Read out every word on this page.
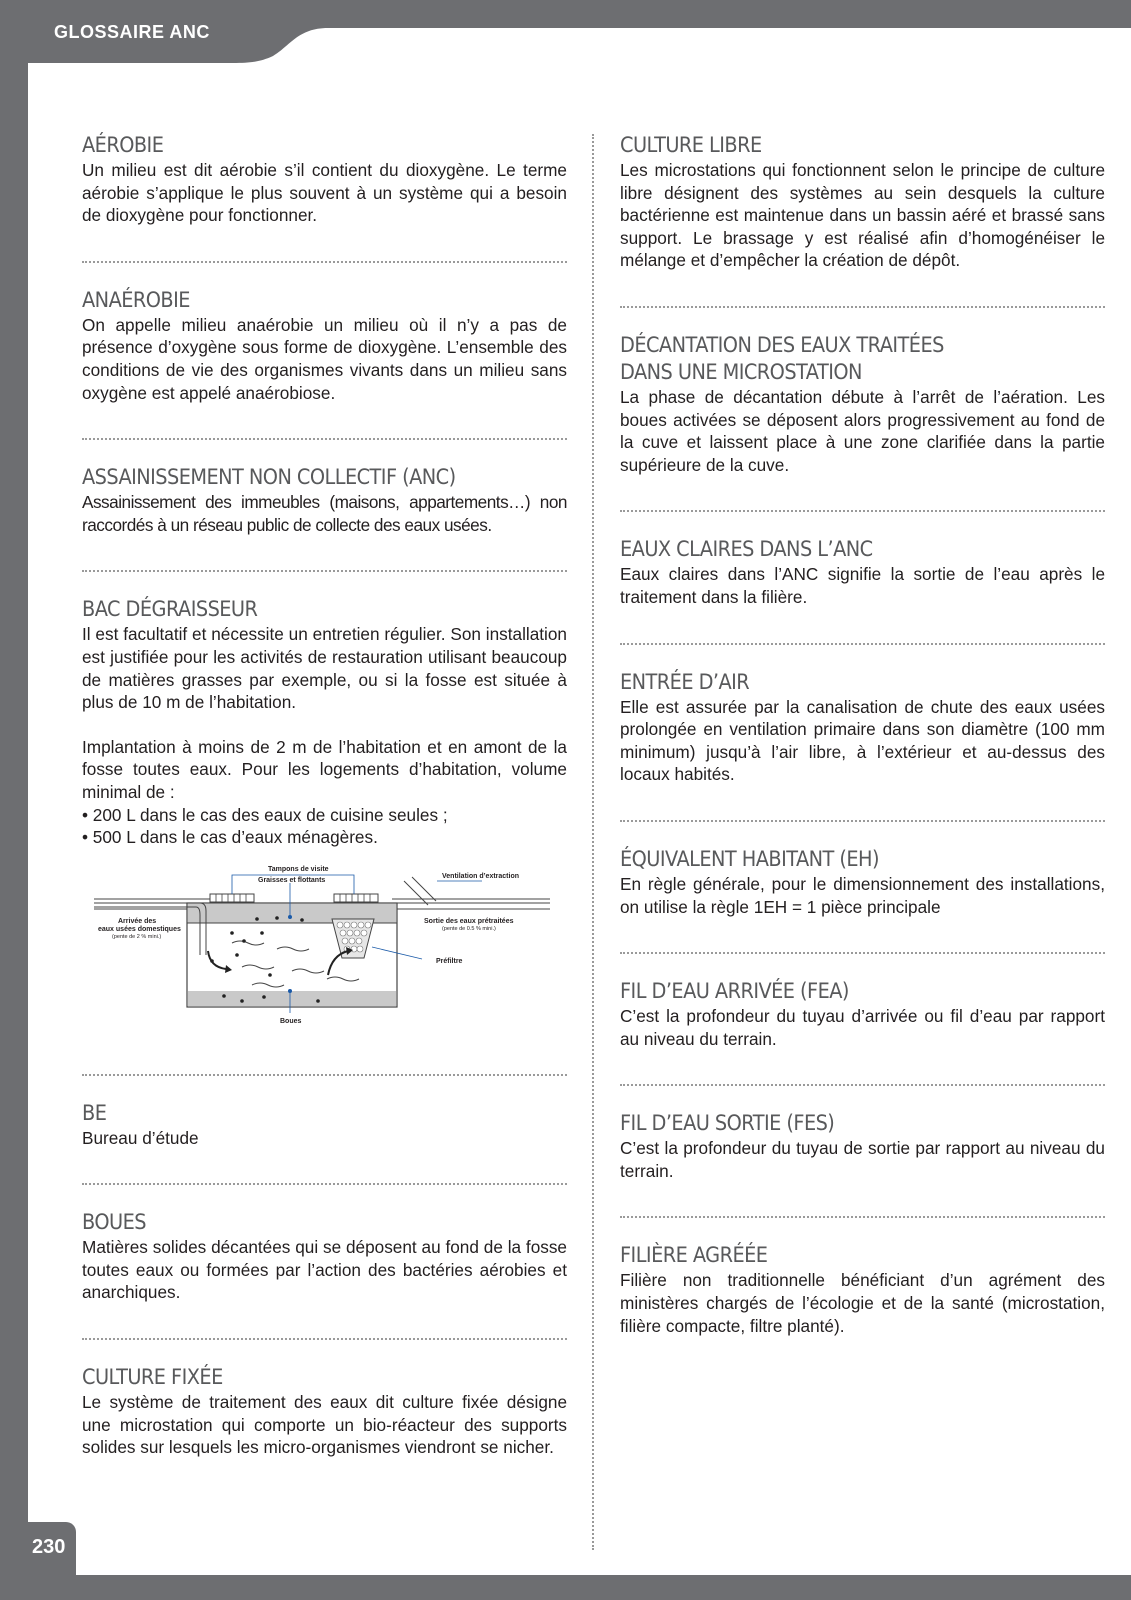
AÉROBIE

Un milieu est dit aérobie s’il contient du dioxygène. Le terme aérobie s’applique le plus souvent à un système qui a besoin de dioxygène pour fonctionner.

ANAÉROBIE

On appelle milieu anaérobie un milieu où il n’y a pas de présence d’oxygène sous forme de dioxygène. L’ensemble des conditions de vie des organismes vivants dans un milieu sans oxygène est appelé anaérobiose.

ASSAINISSEMENT NON COLLECTIF (ANC)

Assainissement des immeubles (maisons, appartements…) non raccordés à un réseau public de collecte des eaux usées.

BAC DÉGRAISSEUR

Il est facultatif et nécessite un entretien régulier. Son installation est justifiée pour les activités de restauration utilisant beaucoup de matières grasses par exemple, ou si la fosse est située à plus de 10 m de l’habitation.

Implantation à moins de 2 m de l’habitation et en amont de la fosse toutes eaux. Pour les logements d’habitation, volume minimal de :

• 200 L dans le cas des eaux de cuisine seules ;

• 500 L dans le cas d’eaux ménagères.

Tampons de visite
Graisses et flottants
Ventilation d’extraction
Arrivée des
eaux usées domestiques
Sortie des eaux prétraitées
Préfiltre
Boues
(pente de 2 % mini.)
(pente de 0.5 % mini.)
BE

Bureau d’étude

BOUES

Matières solides décantées qui se déposent au fond de la fosse toutes eaux ou formées par l’action des bactéries aérobies et anarchiques.

CULTURE FIXÉE

Le système de traitement des eaux dit culture fixée désigne une microstation qui comporte un bio-réacteur des supports solides sur lesquels les micro-organismes viendront se nicher.

CULTURE LIBRE

Les microstations qui fonctionnent selon le principe de culture libre désignent des systèmes au sein desquels la culture bactérienne est maintenue dans un bassin aéré et brassé sans support. Le brassage y est réalisé afin d’homogénéiser le mélange et d’empêcher la création de dépôt.

DÉCANTATION DES EAUX TRAITÉES
DANS UNE MICROSTATION

La phase de décantation débute à l’arrêt de l’aération. Les boues activées se déposent alors progressivement au fond de la cuve et laissent place à une zone clarifiée dans la partie supérieure de la cuve.

EAUX CLAIRES DANS L’ANC

Eaux claires dans l’ANC signifie la sortie de l’eau après le traitement dans la filière.

ENTRÉE D’AIR

Elle est assurée par la canalisation de chute des eaux usées prolongée en ventilation primaire dans son diamètre (100 mm minimum) jusqu’à l’air libre, à l’extérieur et au-dessus des locaux habités.

ÉQUIVALENT HABITANT (EH)

En règle générale, pour le dimensionnement des installations, on utilise la règle 1EH = 1 pièce principale

FIL D’EAU ARRIVÉE (FEA)

C’est la profondeur du tuyau d’arrivée ou fil d’eau par rapport au niveau du terrain.

FIL D’EAU SORTIE (FES)

C’est la profondeur du tuyau de sortie par rapport au niveau du terrain.

FILIÈRE AGRÉÉE

Filière non traditionnelle bénéficiant d’un agrément des ministères chargés de l’écologie et de la santé (microstation, filière compacte, filtre planté).

GLOSSAIRE ANC
230
